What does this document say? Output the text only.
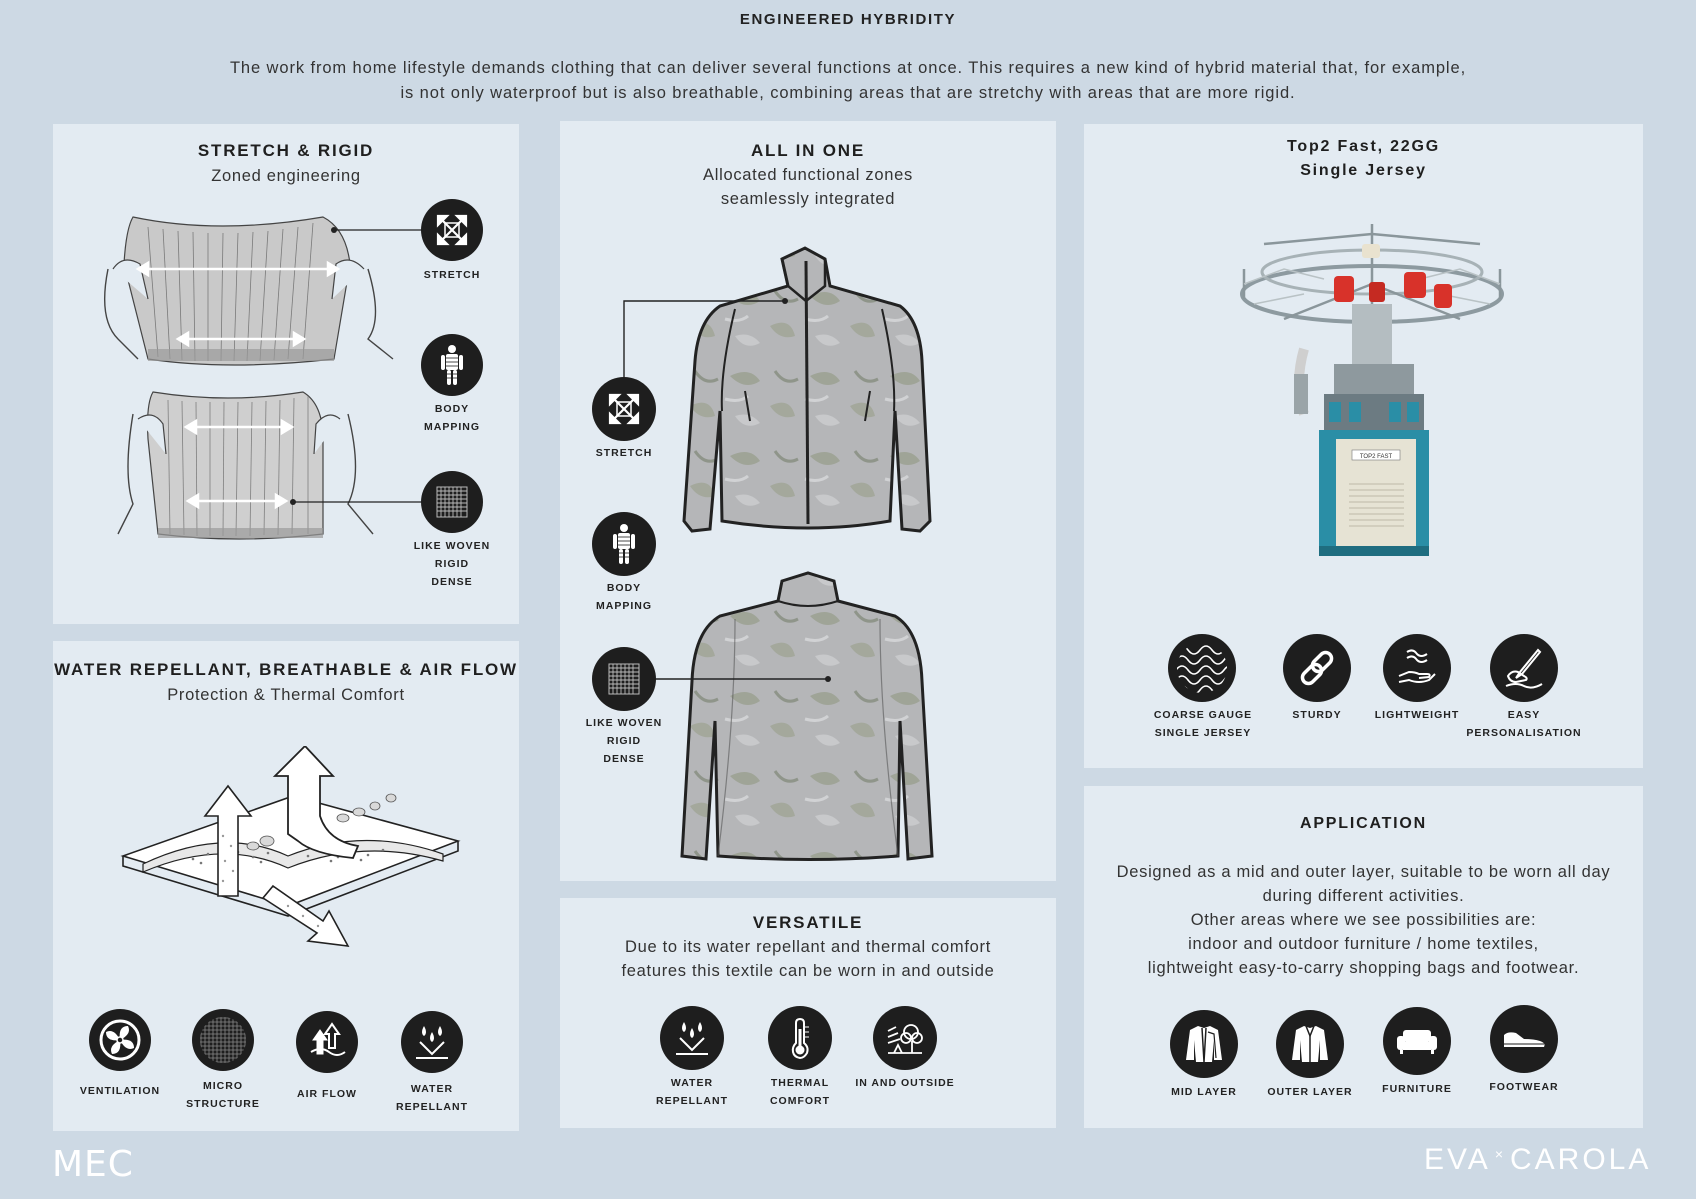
ENGINEERED HYBRIDITY
The work from home lifestyle demands clothing that can deliver several functions at once. This requires a new kind of hybrid material that, for example,
is not only waterproof but is also breathable, combining areas that are stretchy with areas that are more rigid.
STRETCH & RIGID
Zoned engineering
STRETCH
BODY
MAPPING
LIKE WOVEN
RIGID
DENSE
WATER REPELLANT, BREATHABLE & AIR FLOW
Protection & Thermal Comfort
VENTILATION	MICRO
STRUCTURE
AIR FLOW	WATER
REPELLANT
ALL IN ONE
Allocated functional zones
seamlessly integrated
STRETCH
BODY
MAPPING
LIKE WOVEN
RIGID
DENSE
VERSATILE
Due to its water repellant and thermal comfort
features this textile can be worn in and outside
WATER
REPELLANT
THERMAL
COMFORT
IN AND OUTSIDE
Top2 Fast, 22GG
Single Jersey
TOP2 FAST
COARSE GAUGE
SINGLE JERSEY
STURDY	LIGHTWEIGHT	EASY
PERSONALISATION
APPLICATION
Designed as a mid and outer layer, suitable to be worn all day
during different activities.
Other areas where we see possibilities are:
indoor and outdoor furniture / home textiles,
lightweight easy-to-carry shopping bags and footwear.
MID LAYER	OUTER LAYER	FURNITURE	FOOTWEAR
MEC	EVA × CAROLA
